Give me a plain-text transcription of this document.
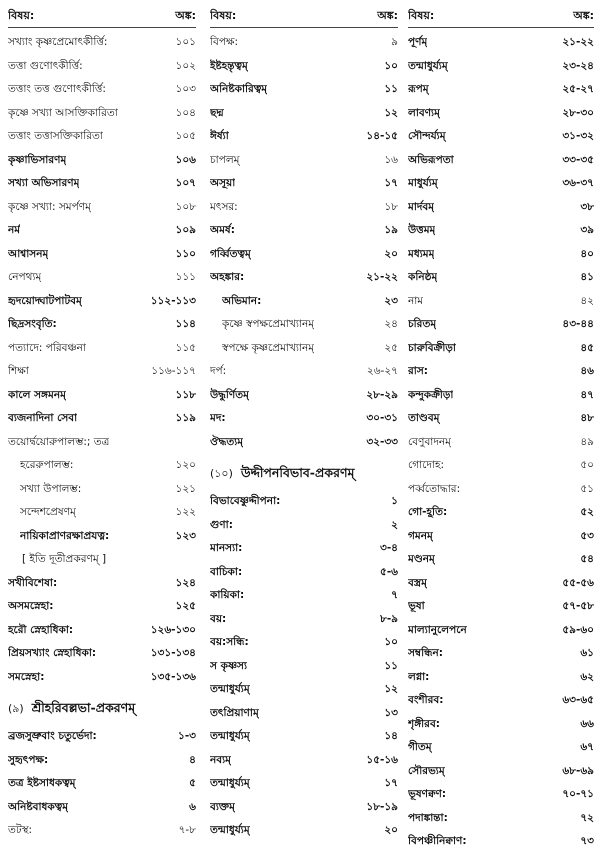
বিষয়:	অঙ্ক:
সখ্যাং কৃষ্ণপ্রেমোৎকীর্ত্তি:	১০১
তত্তা গুণোৎকীর্ত্তি:	১০২
তত্তাং তত্ত গুণোৎকীর্ত্তি:	১০৩
কৃষ্ণে সখ্যা আসক্তিকারিতা	১০৪
তত্তাং তত্তাসক্তিকারিতা	১০৫
কৃষ্ণাভিসারণম্	১০৬
সখ্যা অভিসারণম্	১০৭
কৃষ্ণে সখ্যা: সমর্পণম্	১০৮
নর্ম	১০৯
আশ্বাসনম্	১১০
নেপথ্যম্	১১১
হৃদয়োদ্ঘাটপাটবম্	১১২-১১৩
ছিদ্রসংবৃতি:	১১৪
পত্যাদে: পরিবঞ্চনা	১১৫
শিক্ষা	১১৬-১১৭
কালে সঙ্গমনম্	১১৮
ব্যজনাদিনা সেবা	১১৯
তয়োর্দ্বয়োরুপালম্ভ:; তত্র
হরেরুপালম্ভ:	১২০
সখ্যা উপালম্ভ:	১২১
সন্দেশপ্রেষণম্	১২২
নায়িকাপ্রাণরক্ষাপ্রযত্ন:	১২৩
[ ইতি দূতীপ্রকরণম্ ]
সখীবিশেষা:	১২৪
অসমস্নেহা:	১২৫
হরৌ স্নেহাধিকা:	১২৬-১৩০
প্রিয়সখ্যাং স্নেহাধিকা:	১৩১-১৩৪
সমস্নেহা:	১৩৫-১৩৬
(৯) শ্রীহরিবল্লভা-প্রকরণম্
ব্রজসুভ্রুবাং চতুর্ভেদা:	১-৩
সুহৃৎপক্ষ:	৪
তত্র ইষ্টসাধকত্বম্	৫
অনিষ্টবাধকত্বম্	৬
তটস্থ:	৭-৮
বিষয়:	অঙ্ক:
বিপক্ষ:	৯
ইষ্টহন্তৃত্বম্	১০
অনিষ্টকারিত্বম্	১১
ছদ্ম	১২
ঈর্ষ্যা	১৪-১৫
চাপলম্	১৬
অসূয়া	১৭
মৎসর:	১৮
অমর্ষ:	১৯
গর্ব্বিতত্বম্	২০
অহঙ্কার:	২১-২২
অভিমান:	২৩
কৃষ্ণে স্বপক্ষপ্রেমাখ্যানম্	২৪
স্বপক্ষে কৃষ্ণপ্রেমাখ্যানম্	২৫
দর্প:	২৬-২৭
উদ্ধুর্ণিতম্	২৮-২৯
মদ:	৩০-৩১
ঔদ্ধত্যম্	৩২-৩৩
(১০) উদ্দীপনবিভাব-প্রকরণম্
বিভাবেষ্ণুদ্দীপনা:	১
গুণা:	২
মানস্যা:	৩-৪
বাচিকা:	৫-৬
কায়িকা:	৭
বয়:	৮-৯
বয়:সন্ধি:	১০
স কৃষ্ণস্য	১১
তন্মাধুর্য্যম্	১২
তৎপ্রিয়াণাম্	১৩
তন্মাধুর্য্যম্	১৪
নব্যম্	১৫-১৬
তন্মাধুর্য্যম্	১৭
ব্যক্তম্	১৮-১৯
তন্মাধুর্য্যম্	২০
বিষয়:	অঙ্ক:
পূর্ণম্	২১-২২
তন্মাধুর্য্যম্	২৩-২৪
রূপম্	২৫-২৭
লাবণ্যম্	২৮-৩০
সৌন্দর্য্যম্	৩১-৩২
অভিরূপতা	৩৩-৩৫
মাধুর্য্যম্	৩৬-৩৭
মার্দবম্	৩৮
উত্তমম্	৩৯
মধ্যমম্	৪০
কনিষ্ঠম্	৪১
নাম	৪২
চরিতম্	৪৩-৪৪
চারুবিক্রীড়া	৪৫
রাস:	৪৬
কন্দুকক্রীড়া	৪৭
তাণ্ডবম্	৪৮
বেণুবাদনম্	৪৯
গোদোহ:	৫০
পর্ব্বতোদ্ধার:	৫১
গো-হূতি:	৫২
গমনম্	৫৩
মণ্ডনম্	৫৪
বস্ত্রম্	৫৫-৫৬
ভূষা	৫৭-৫৮
মাল্যানুলেপনে	৫৯-৬০
সম্বন্ধিন:	৬১
লগ্না:	৬২
বংশীরব:	৬৩-৬৫
শৃঙ্গীরব:	৬৬
গীতম্	৬৭
সৌরভ্যম্	৬৮-৬৯
ভূষণক্বণ:	৭০-৭১
পদাঙ্কান্তা:	৭২
বিপঞ্চীনিক্বাণ:	৭৩
